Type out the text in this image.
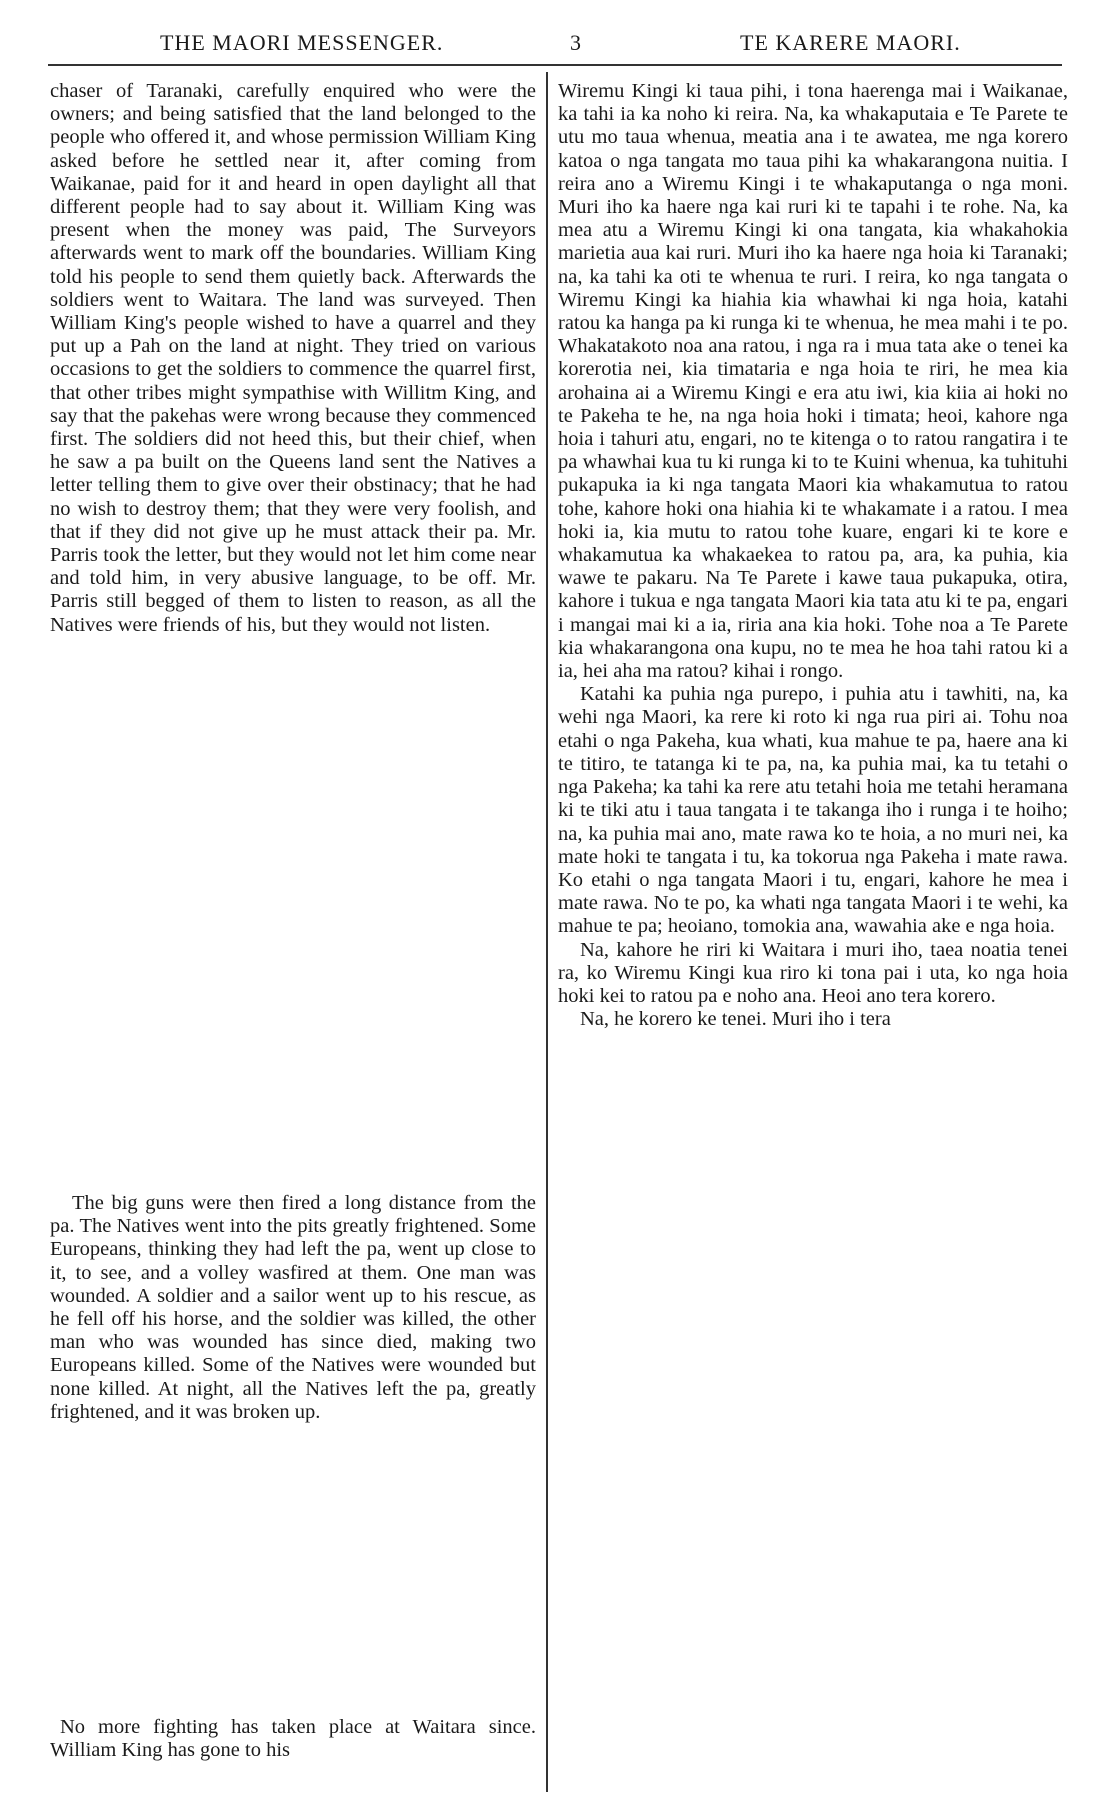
THE MAORI MESSENGER.	3	TE KARERE MAORI.

chaser of Taranaki, carefully enquired who were the owners; and being satisfied that the land belonged to the people who offered it, and whose permission William King asked before he settled near it, after coming from Waikanae, paid for it and heard in open daylight all that different people had to say about it. William King was present when the money was paid, The Surveyors afterwards went to mark off the boundaries. William King told his people to send them quietly back. Afterwards the soldiers went to Waitara. The land was surveyed. Then William King's people wished to have a quarrel and they put up a Pah on the land at night. They tried on various occasions to get the soldiers to commence the quarrel first, that other tribes might sympathise with Willitm King, and say that the pakehas were wrong because they commenced first. The soldiers did not heed this, but their chief, when he saw a pa built on the Queens land sent the Natives a letter telling them to give over their obstinacy; that he had no wish to destroy them; that they were very foolish, and that if they did not give up he must attack their pa. Mr. Parris took the letter, but they would not let him come near and told him, in very abusive language, to be off. Mr. Parris still begged of them to listen to reason, as all the Natives were friends of his, but they would not listen.

The big guns were then fired a long distance from the pa. The Natives went into the pits greatly frightened. Some Europeans, thinking they had left the pa, went up close to it, to see, and a volley wasfired at them. One man was wounded. A soldier and a sailor went up to his rescue, as he fell off his horse, and the soldier was killed, the other man who was wounded has since died, making two Europeans killed. Some of the Natives were wounded but none killed. At night, all the Natives left the pa, greatly frightened, and it was broken up.

No more fighting has taken place at Waitara since. William King has gone to his

Wiremu Kingi ki taua pihi, i tona haerenga mai i Waikanae, ka tahi ia ka noho ki reira. Na, ka whakaputaia e Te Parete te utu mo taua whenua, meatia ana i te awatea, me nga korero katoa o nga tangata mo taua pihi ka whakarangona nuitia. I reira ano a Wiremu Kingi i te whakaputanga o nga moni. Muri iho ka haere nga kai ruri ki te tapahi i te rohe. Na, ka mea atu a Wiremu Kingi ki ona tangata, kia whakahokia marietia aua kai ruri. Muri iho ka haere nga hoia ki Taranaki; na, ka tahi ka oti te whenua te ruri. I reira, ko nga tangata o Wiremu Kingi ka hiahia kia whawhai ki nga hoia, katahi ratou ka hanga pa ki runga ki te whenua, he mea mahi i te po. Whakatakoto noa ana ratou, i nga ra i mua tata ake o tenei ka korerotia nei, kia timataria e nga hoia te riri, he mea kia arohaina ai a Wiremu Kingi e era atu iwi, kia kiia ai hoki no te Pakeha te he, na nga hoia hoki i timata; heoi, kahore nga hoia i tahuri atu, engari, no te kitenga o to ratou rangatira i te pa whawhai kua tu ki runga ki to te Kuini whenua, ka tuhituhi pukapuka ia ki nga tangata Maori kia whakamutua to ratou tohe, kahore hoki ona hiahia ki te whakamate i a ratou. I mea hoki ia, kia mutu to ratou tohe kuare, engari ki te kore e whakamutua ka whakaekea to ratou pa, ara, ka puhia, kia wawe te pakaru. Na Te Parete i kawe taua pukapuka, otira, kahore i tukua e nga tangata Maori kia tata atu ki te pa, engari i mangai mai ki a ia, riria ana kia hoki. Tohe noa a Te Parete kia whakarangona ona kupu, no te mea he hoa tahi ratou ki a ia, hei aha ma ratou? kihai i rongo.

Katahi ka puhia nga purepo, i puhia atu i tawhiti, na, ka wehi nga Maori, ka rere ki roto ki nga rua piri ai. Tohu noa etahi o nga Pakeha, kua whati, kua mahue te pa, haere ana ki te titiro, te tatanga ki te pa, na, ka puhia mai, ka tu tetahi o nga Pakeha; ka tahi ka rere atu tetahi hoia me tetahi heramana ki te tiki atu i taua tangata i te takanga iho i runga i te hoiho; na, ka puhia mai ano, mate rawa ko te hoia, a no muri nei, ka mate hoki te tangata i tu, ka tokorua nga Pakeha i mate rawa. Ko etahi o nga tangata Maori i tu, engari, kahore he mea i mate rawa. No te po, ka whati nga tangata Maori i te wehi, ka mahue te pa; heoiano, tomokia ana, wawahia ake e nga hoia.

Na, kahore he riri ki Waitara i muri iho, taea noatia tenei ra, ko Wiremu Kingi kua riro ki tona pai i uta, ko nga hoia hoki kei to ratou pa e noho ana. Heoi ano tera korero.

Na, he korero ke tenei. Muri iho i tera
